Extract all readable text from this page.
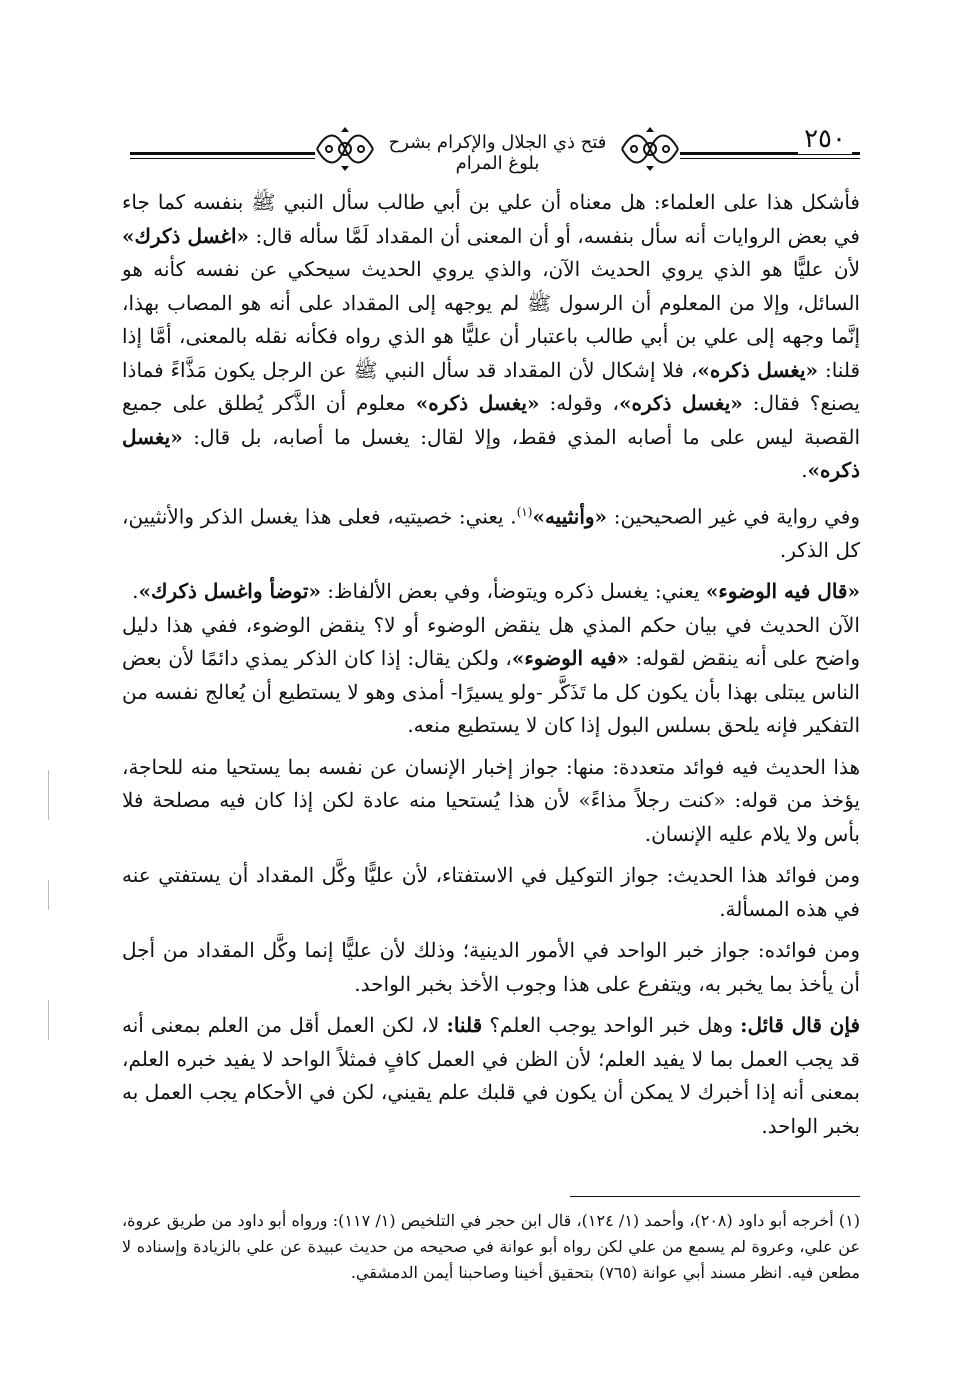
فتح ذي الجلال والإكرام بشرح بلوغ المرام
٢٥٠

فأشكل هذا على العلماء: هل معناه أن علي بن أبي طالب سأل النبي ﷺ بنفسه كما جاء في بعض الروايات أنه سأل بنفسه، أو أن المعنى أن المقداد لَمَّا سأله قال: «اغسل ذكرك» لأن عليًّا هو الذي يروي الحديث الآن، والذي يروي الحديث سيحكي عن نفسه كأنه هو السائل، وإلا من المعلوم أن الرسول ﷺ لم يوجهه إلى المقداد على أنه هو المصاب بهذا، إنَّما وجهه إلى علي بن أبي طالب باعتبار أن عليًّا هو الذي رواه فكأنه نقله بالمعنى، أمَّا إذا قلنا: «يغسل ذكره»، فلا إشكال لأن المقداد قد سأل النبي ﷺ عن الرجل يكون مَذَّاءً فماذا يصنع؟ فقال: «يغسل ذكره»، وقوله: «يغسل ذكره» معلوم أن الذَّكر يُطلق على جميع القصبة ليس على ما أصابه المذي فقط، وإلا لقال: يغسل ما أصابه، بل قال: «يغسل ذكره».

وفي رواية في غير الصحيحين: «وأنثييه»$^{(١)}$. يعني: خصيتيه، فعلى هذا يغسل الذكر والأنثيين، كل الذكر.

«قال فيه الوضوء» يعني: يغسل ذكره ويتوضأ، وفي بعض الألفاظ: «توضأ واغسل ذكرك».

الآن الحديث في بيان حكم المذي هل ينقض الوضوء أو لا؟ ينقض الوضوء، ففي هذا دليل واضح على أنه ينقض لقوله: «فيه الوضوء»، ولكن يقال: إذا كان الذكر يمذي دائمًا لأن بعض الناس يبتلى بهذا بأن يكون كل ما تَذَكَّر -ولو يسيرًا- أمذى وهو لا يستطيع أن يُعالج نفسه من التفكير فإنه يلحق بسلس البول إذا كان لا يستطيع منعه.

هذا الحديث فيه فوائد متعددة: منها: جواز إخبار الإنسان عن نفسه بما يستحيا منه للحاجة، يؤخذ من قوله: «كنت رجلاً مذاءً» لأن هذا يُستحيا منه عادة لكن إذا كان فيه مصلحة فلا بأس ولا يلام عليه الإنسان.

ومن فوائد هذا الحديث: جواز التوكيل في الاستفتاء، لأن عليًّا وكَّل المقداد أن يستفتي عنه في هذه المسألة.

ومن فوائده: جواز خبر الواحد في الأمور الدينية؛ وذلك لأن عليًّا إنما وكَّل المقداد من أجل أن يأخذ بما يخبر به، ويتفرع على هذا وجوب الأخذ بخبر الواحد.

فإن قال قائل: وهل خبر الواحد يوجب العلم؟ قلنا: لا، لكن العمل أقل من العلم بمعنى أنه قد يجب العمل بما لا يفيد العلم؛ لأن الظن في العمل كافٍ فمثلاً الواحد لا يفيد خبره العلم، بمعنى أنه إذا أخبرك لا يمكن أن يكون في قلبك علم يقيني، لكن في الأحكام يجب العمل به بخبر الواحد.

(١) أخرجه أبو داود (٢٠٨)، وأحمد (١/ ١٢٤)، قال ابن حجر في التلخيص (١/ ١١٧): ورواه أبو داود من طريق عروة، عن علي، وعروة لم يسمع من علي لكن رواه أبو عوانة في صحيحه من حديث عبيدة عن علي بالزيادة وإسناده لا مطعن فيه. انظر مسند أبي عوانة (٧٦٥) بتحقيق أخينا وصاحبنا أيمن الدمشقي.
